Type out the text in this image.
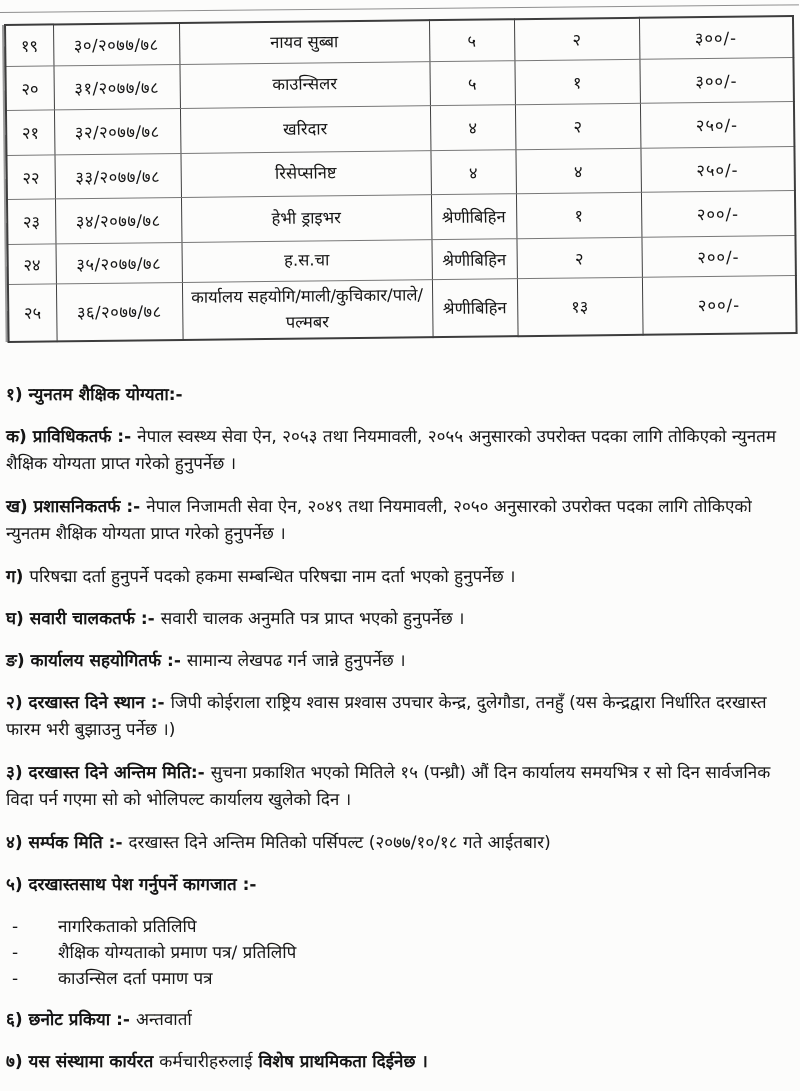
१९	३०/२०७७/७८	नायव सुब्बा	५	२	३००/-
२०	३१/२०७७/७८	काउन्सिलर	५	१	३००/-
२१	३२/२०७७/७८	खरिदार	४	२	२५०/-
२२	३३/२०७७/७८	रिसेप्सनिष्ट	४	४	२५०/-
२३	३४/२०७७/७८	हेभी ड्राइभर	श्रेणीबिहिन	१	२००/-
२४	३५/२०७७/७८	ह.स.चा	श्रेणीबिहिन	२	२००/-
२५	३६/२०७७/७८	कार्यालय सहयोगि/माली/कुचिकार/पाले/पल्मबर	श्रेणीबिहिन	१३	२००/-

१) न्युनतम शैक्षिक योग्यता:-

क) प्राविधिकतर्फ :- नेपाल स्वस्थ्य सेवा ऐन, २०५३ तथा नियमावली, २०५५ अनुसारको उपरोक्त पदका लागि तोकिएको न्युनतम शैक्षिक योग्यता प्राप्त गरेको हुनुपर्नेछ ।

ख) प्रशासनिकतर्फ :- नेपाल निजामती सेवा ऐन, २०४९ तथा नियमावली, २०५० अनुसारको उपरोक्त पदका लागि तोकिएको न्युनतम शैक्षिक योग्यता प्राप्त गरेको हुनुपर्नेछ ।

ग) परिषद्मा दर्ता हुनुपर्ने पदको हकमा सम्बन्धित परिषद्मा नाम दर्ता भएको हुनुपर्नेछ ।

घ) सवारी चालकतर्फ :- सवारी चालक अनुमति पत्र प्राप्त भएको हुनुपर्नेछ ।

ङ) कार्यालय सहयोगितर्फ :- सामान्य लेखपढ गर्न जान्ने हुनुपर्नेछ ।

२) दरखास्त दिने स्थान :- जिपी कोईराला राष्ट्रिय श्वास प्रश्वास उपचार केन्द्र, दुलेगौडा, तनहुँ (यस केन्द्रद्वारा निर्धारित दरखास्त फारम भरी बुझाउनु पर्नेछ ।)

३) दरखास्त दिने अन्तिम मिति:- सुचना प्रकाशित भएको मितिले १५ (पन्ध्रौ) औं दिन कार्यालय समयभित्र र सो दिन सार्वजनिक विदा पर्न गएमा सो को भोलिपल्ट कार्यालय खुलेको दिन ।

४) सर्म्पक मिति :- दरखास्त दिने अन्तिम मितिको पर्सिपल्ट (२०७७/१०/१८ गते आईतबार)

५) दरखास्तसाथ पेश गर्नुपर्ने कागजात :-

- नागरिकताको प्रतिलिपि
- शैक्षिक योग्यताको प्रमाण पत्र/ प्रतिलिपि
- काउन्सिल दर्ता पमाण पत्र

६) छनोट प्रकिया :- अन्तवार्ता

७) यस संस्थामा कार्यरत कर्मचारीहरुलाई विशेष प्राथमिकता दिईनेछ ।
